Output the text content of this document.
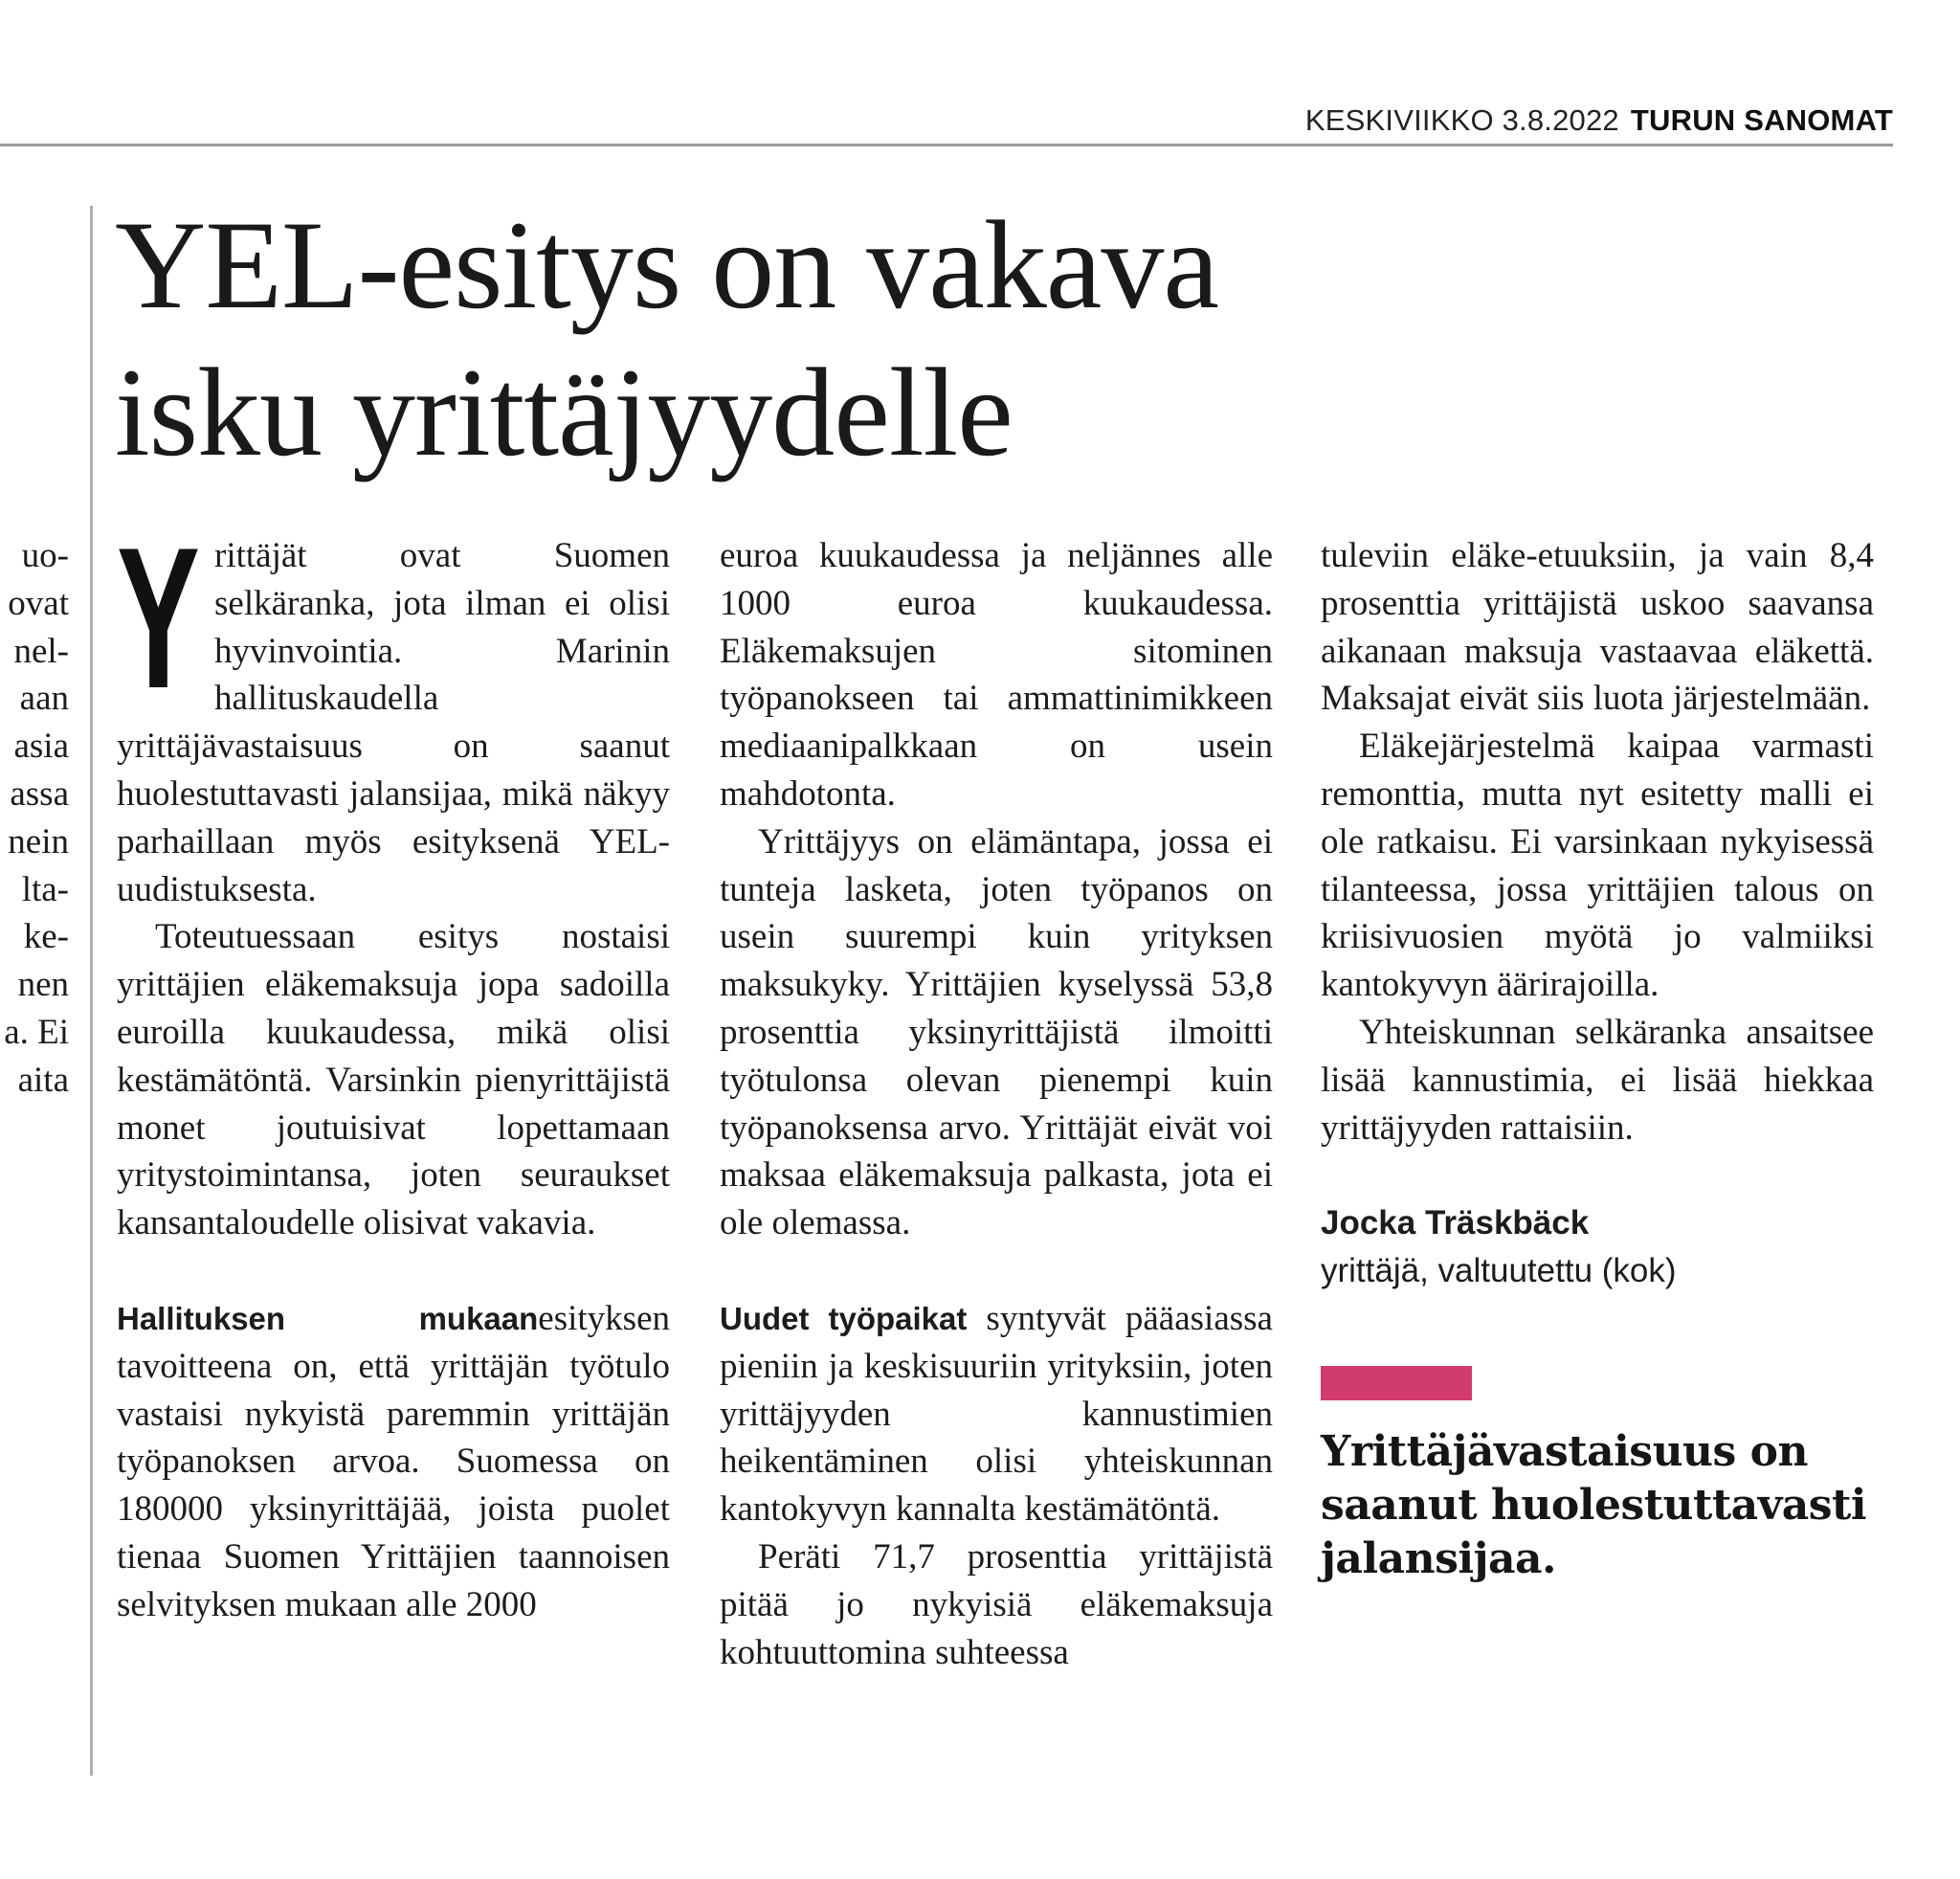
KESKIVIIKKO 3.8.2022 TURUN SANOMAT
uo-
ovat
nel-
aan
asia
assa
nein
lta-
ke-
nen
a. Ei
aita
YEL-esitys on vakava
isku yrittäjyydelle

Yrittäjät ovat Suomen selkäranka, jota ilman ei olisi hyvinvointia. Marinin hallituskaudella yrittäjävastaisuus on saanut huolestuttavasti jalansijaa, mikä näkyy parhaillaan myös esityksenä YEL-uudistuksesta.

Toteutuessaan esitys nostaisi yrittäjien eläkemaksuja jopa sadoilla euroilla kuukaudessa, mikä olisi kestämätöntä. Varsinkin pienyrittäjistä monet joutuisivat lopettamaan yritystoimintansa, joten seuraukset kansantaloudelle olisivat vakavia.

Hallituksen mukaanesityksen tavoitteena on, että yrittäjän työtulo vastaisi nykyistä paremmin yrittäjän työpanoksen arvoa. Suomessa on 180000 yksinyrittäjää, joista puolet tienaa Suomen Yrittäjien taannoisen selvityksen mukaan alle 2000

euroa kuukaudessa ja neljännes alle 1000 euroa kuukaudessa. Eläkemaksujen sitominen työpanokseen tai ammattinimikkeen mediaanipalkkaan on usein mahdotonta.

Yrittäjyys on elämäntapa, jossa ei tunteja lasketa, joten työpanos on usein suurempi kuin yrityksen maksukyky. Yrittäjien kyselyssä 53,8 prosenttia yksinyrittäjistä ilmoitti työtulonsa olevan pienempi kuin työpanoksensa arvo. Yrittäjät eivät voi maksaa eläkemaksuja palkasta, jota ei ole olemassa.

Uudet työpaikat syntyvät pääasiassa pieniin ja keskisuuriin yrityksiin, joten yrittäjyyden kannustimien heikentäminen olisi yhteiskunnan kantokyvyn kannalta kestämätöntä.

Peräti 71,7 prosenttia yrittäjistä pitää jo nykyisiä eläkemaksuja kohtuuttomina suhteessa

tuleviin eläke-etuuksiin, ja vain 8,4 prosenttia yrittäjistä uskoo saavansa aikanaan maksuja vastaavaa eläkettä. Maksajat eivät siis luota järjestelmään.

Eläkejärjestelmä kaipaa varmasti remonttia, mutta nyt esitetty malli ei ole ratkaisu. Ei varsinkaan nykyisessä tilanteessa, jossa yrittäjien talous on kriisivuosien myötä jo valmiiksi kantokyvyn äärirajoilla.

Yhteiskunnan selkäranka ansaitsee lisää kannustimia, ei lisää hiekkaa yrittäjyyden rattaisiin.

Jocka Träskbäck
yrittäjä, valtuutettu (kok)
Yrittäjävastaisuus on saanut huolestuttavasti jalansijaa.
